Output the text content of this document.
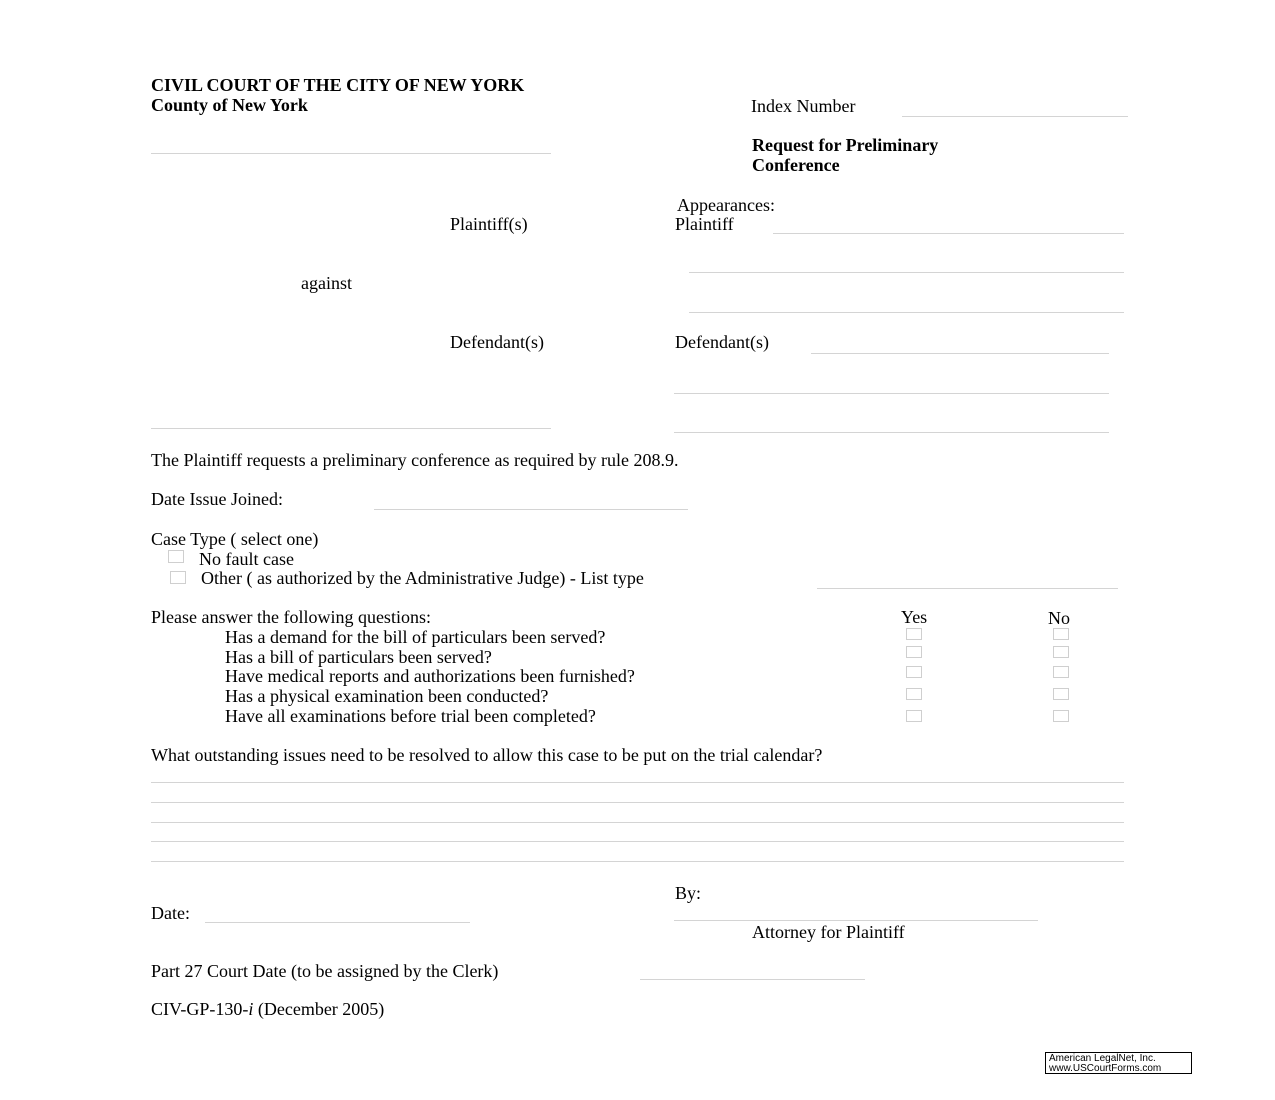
CIVIL COURT OF THE CITY OF NEW YORK
County of New York	Index Number
Request for Preliminary
Conference
Plaintiff(s)
against
Defendant(s)
Appearances:
Plaintiff
Defendant(s)
The Plaintiff requests a preliminary conference as required by rule 208.9.
Date Issue Joined:
Case Type ( select one)
No fault case
Other ( as authorized by the Administrative Judge) - List type
Please answer the following questions:	Yes	No
Has a demand for the bill of particulars been served?
Has a bill of particulars been served?
Have medical reports and authorizations been furnished?
Has a physical examination been conducted?
Have all examinations before trial been completed?
What outstanding issues need to be resolved to allow this case to be put on the trial calendar?
By:
Attorney for Plaintiff
Date:
Part 27 Court Date (to be assigned by the Clerk)
CIV-GP-130-i (December 2005)
American LegalNet, Inc.
www.USCourtForms.com
